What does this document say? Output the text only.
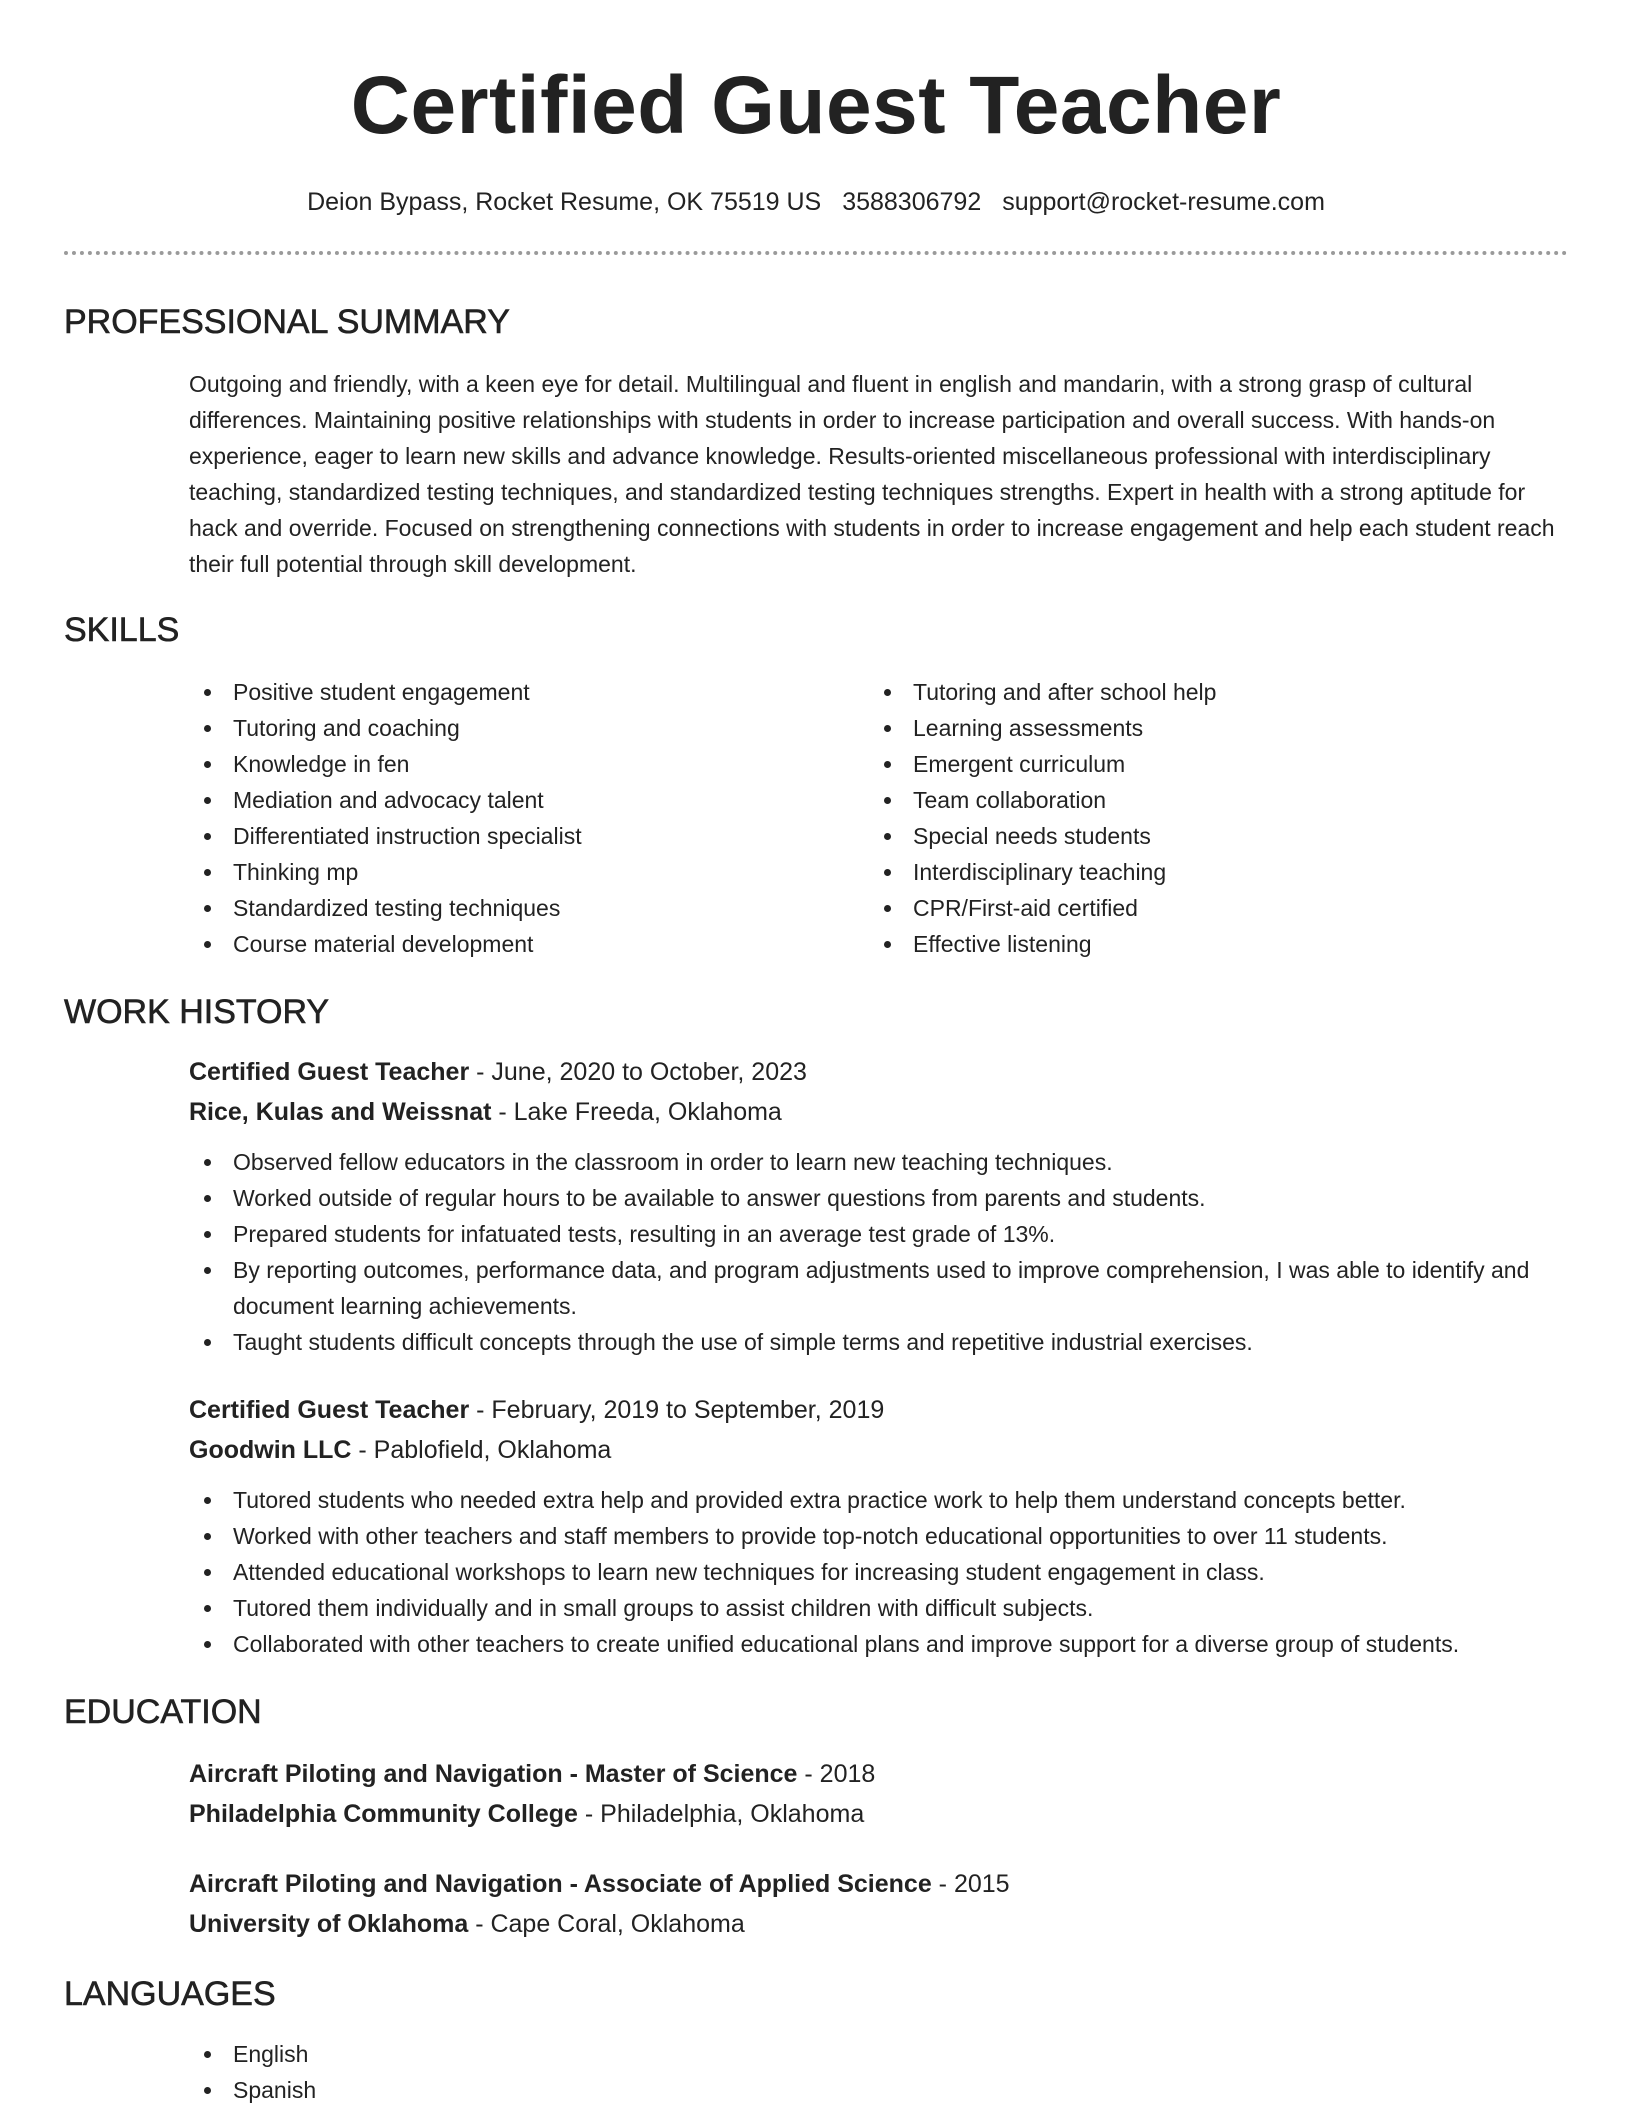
Certified Guest Teacher
Deion Bypass, Rocket Resume, OK 75519 US 3588306792 support@rocket-resume.com
PROFESSIONAL SUMMARY
Outgoing and friendly, with a keen eye for detail. Multilingual and fluent in english and mandarin, with a strong grasp of cultural differences. Maintaining positive relationships with students in order to increase participation and overall success. With hands-on experience, eager to learn new skills and advance knowledge. Results-oriented miscellaneous professional with interdisciplinary teaching, standardized testing techniques, and standardized testing techniques strengths. Expert in health with a strong aptitude for hack and override. Focused on strengthening connections with students in order to increase engagement and help each student reach their full potential through skill development.
SKILLS
Positive student engagement
Tutoring and coaching
Knowledge in fen
Mediation and advocacy talent
Differentiated instruction specialist
Thinking mp
Standardized testing techniques
Course material development
Tutoring and after school help
Learning assessments
Emergent curriculum
Team collaboration
Special needs students
Interdisciplinary teaching
CPR/First-aid certified
Effective listening
WORK HISTORY
Certified Guest Teacher - June, 2020 to October, 2023
Rice, Kulas and Weissnat - Lake Freeda, Oklahoma
Observed fellow educators in the classroom in order to learn new teaching techniques.
Worked outside of regular hours to be available to answer questions from parents and students.
Prepared students for infatuated tests, resulting in an average test grade of 13%.
By reporting outcomes, performance data, and program adjustments used to improve comprehension, I was able to identify and document learning achievements.
Taught students difficult concepts through the use of simple terms and repetitive industrial exercises.
Certified Guest Teacher - February, 2019 to September, 2019
Goodwin LLC - Pablofield, Oklahoma
Tutored students who needed extra help and provided extra practice work to help them understand concepts better.
Worked with other teachers and staff members to provide top-notch educational opportunities to over 11 students.
Attended educational workshops to learn new techniques for increasing student engagement in class.
Tutored them individually and in small groups to assist children with difficult subjects.
Collaborated with other teachers to create unified educational plans and improve support for a diverse group of students.
EDUCATION
Aircraft Piloting and Navigation - Master of Science - 2018
Philadelphia Community College - Philadelphia, Oklahoma
Aircraft Piloting and Navigation - Associate of Applied Science - 2015
University of Oklahoma - Cape Coral, Oklahoma
LANGUAGES
English
Spanish
